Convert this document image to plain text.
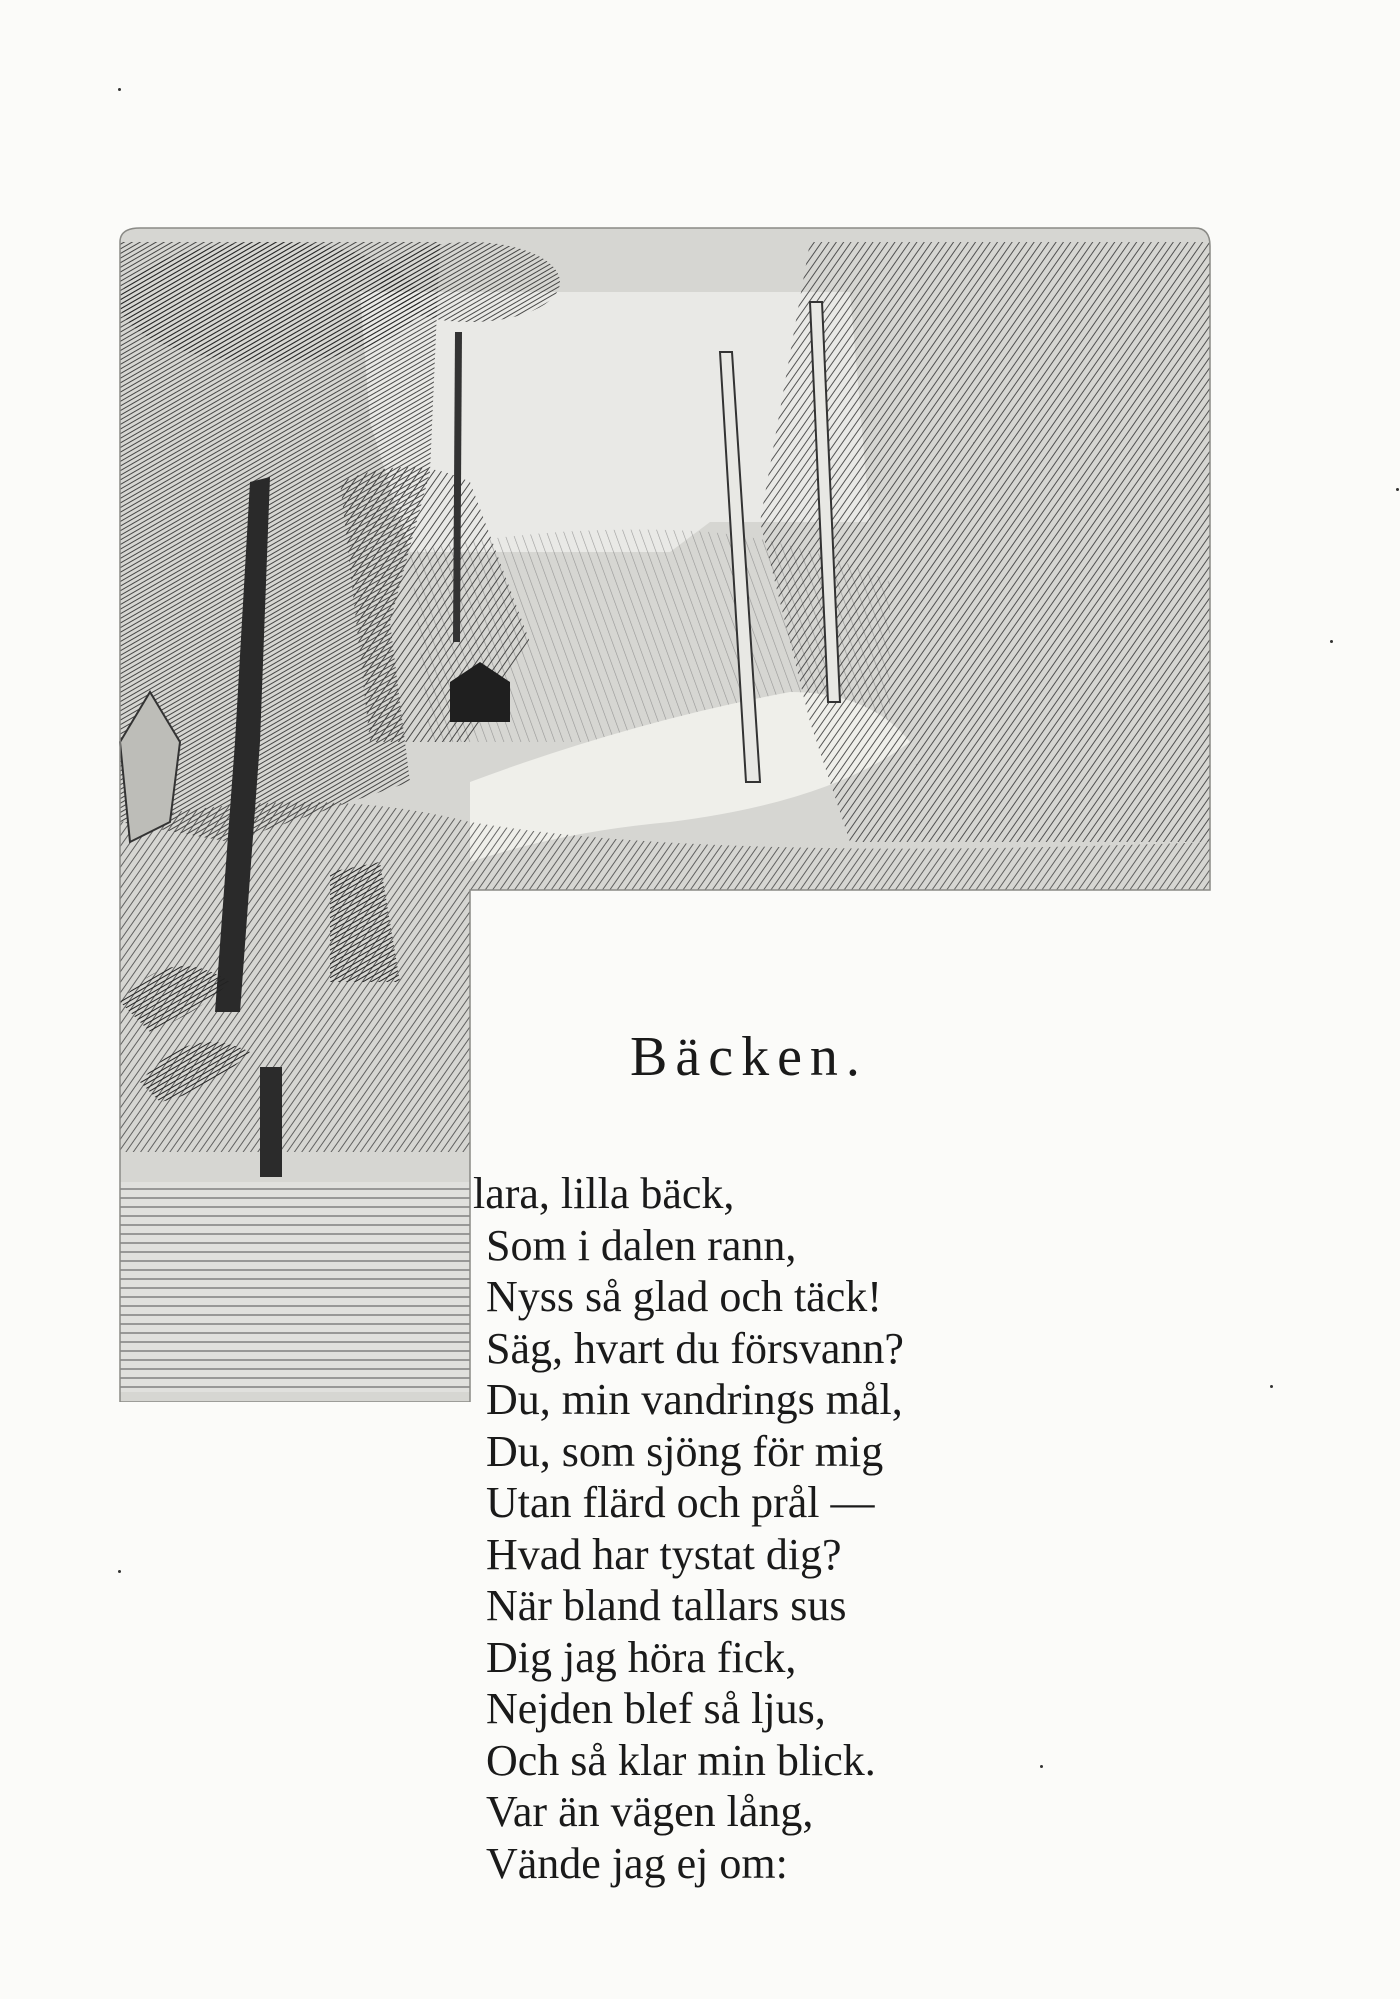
Bäcken.
lara, lilla bäck,
Som i dalen rann,
Nyss så glad och täck!
Säg, hvart du försvann?
Du, min vandrings mål,
Du, som sjöng för mig
Utan flärd och prål —
Hvad har tystat dig?
När bland tallars sus
Dig jag höra fick,
Nejden blef så ljus,
Och så klar min blick.
Var än vägen lång,
Vände jag ej om:
